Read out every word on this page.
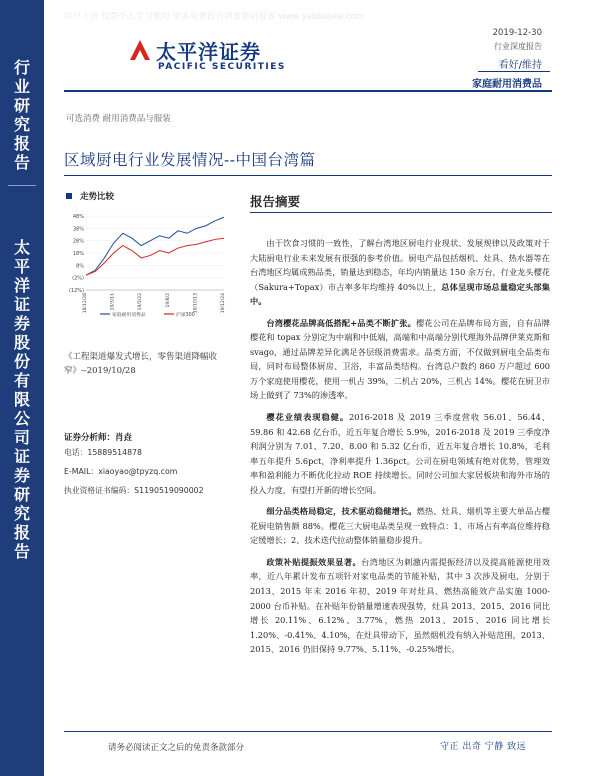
用户上传 仅限个人学习使用 更多免费报告请查看研报客 www.yanbaoke.com
行
业
研
究
报
告
太
平
洋
证
券
股
份
有
限
公
司
证
券
研
究
报
告
太平洋证券
PACIFIC SECURITIES
2019-12-30
行业深度报告
看好/维持
家庭耐用消费品
可选消费 耐用消费品与服装
区域厨电行业发展情况--中国台湾篇
走势比较
48%
38%
28%
18%
8%
(2%)
(12%)
18/12/28	19/3/11	19/5/22	19/8/2	19/10/13	19/12/24
家庭耐用消费品	沪深300
《工程渠道爆发式增长，零售渠道降幅收窄》--2019/10/28
证券分析师：肖垚
电话：15889514878
E-MAIL：xiaoyao@tpyzq.com
执业资格证书编码：S1190519090002
报告摘要

由于饮食习惯的一致性，了解台湾地区厨电行业现状、发展规律以及政策对于大陆厨电行业未来发展有很强的参考价值。厨电产品包括烟机、灶具、热水器等在台湾地区均属成熟品类，销量达到稳态，年均内销量达 150 余万台，行业龙头樱花（Sakura+Topax）市占率多年均维持 40%以上，总体呈现市场总量稳定头部集中。

台湾樱花品牌高低搭配+品类不断扩张。樱花公司在品牌布局方面，自有品牌樱花和 topax 分别定为中端和中低端，高端和中高端分别代理海外品牌伊莱克斯和 svago，通过品牌差异化满足各层级消费需求。品类方面，不仅做到厨电全品类布局，同时布局整体厨房、卫浴，丰富品类结构。台湾总户数约 860 万户超过 600 万个家庭使用樱花，使用一机占 39%，二机占 20%，三机占 14%。樱花在厨卫市场上做到了 73%的渗透率。

樱花业绩表现稳健。2016-2018 及 2019 三季度营收 56.01、56.44、59.86 和 42.68 亿台币，近五年复合增长 5.9%，2016-2018 及 2019 三季度净利润分别为 7.01、7.20、8.00 和 5.32 亿台币，近五年复合增长 10.8%，毛利率五年提升 5.6pct，净利率提升 1.36pct。公司在厨电领域有绝对优势，管理效率和盈利能力不断优化拉动 ROE 持续增长。同时公司加大家居板块和海外市场的投入力度，有望打开新的增长空间。

细分品类格局稳定，技术驱动稳健增长。燃热、灶具、烟机等主要大单品占樱花厨电销售额 88%。樱花三大厨电品类呈现一致特点：1、市场占有率高位维持稳定缓增长；2、技术迭代拉动整体销量稳步提升。

政策补贴提振效果显著。台湾地区为刺激内需提振经济以及提高能源使用效率，近八年累计发布五项针对家电品类的节能补贴，其中 3 次涉及厨电，分别于 2013、2015 年末 2016 年初、2019 年对灶具、燃热高能效产品实施 1000-2000 台币补贴。在补贴年份销量增速表现强势，灶具 2013、2015、2016 同比增长 20.11%、6.12%、3.77%，燃热 2013、2015、2016 同比增长 1.20%、-0.41%、4.10%，在灶具带动下，虽然烟机没有纳入补贴范围，2013、2015、2016 仍旧保持 9.77%、5.11%、-0.25%增长。

请务必阅读正文之后的免责条款部分	守正 出奇 宁静 致远
